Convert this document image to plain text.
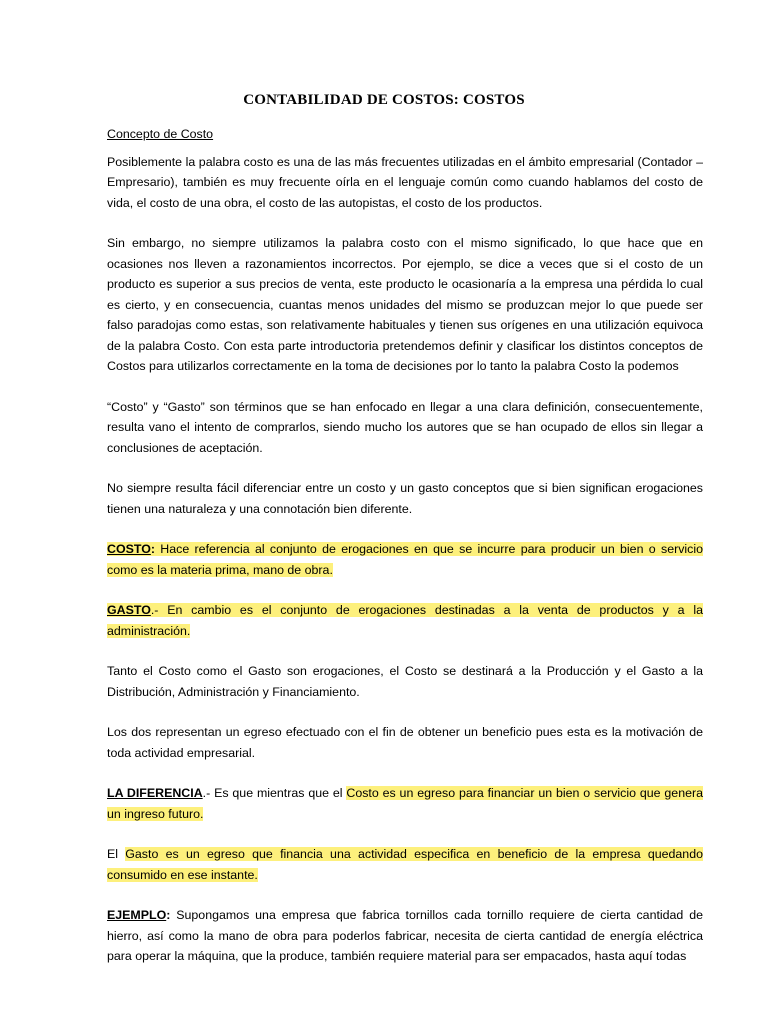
CONTABILIDAD DE COSTOS: COSTOS

Concepto de Costo

Posiblemente la palabra costo es una de las más frecuentes utilizadas en el ámbito empresarial (Contador – Empresario), también es muy frecuente oírla en el lenguaje común como cuando hablamos del costo de vida, el costo de una obra, el costo de las autopistas, el costo de los productos.

Sin embargo, no siempre utilizamos la palabra costo con el mismo significado, lo que hace que en ocasiones nos lleven a razonamientos incorrectos. Por ejemplo, se dice a veces que si el costo de un producto es superior a sus precios de venta, este producto le ocasionaría a la empresa una pérdida lo cual es cierto, y en consecuencia, cuantas menos unidades del mismo se produzcan mejor lo que puede ser falso paradojas como estas, son relativamente habituales y tienen sus orígenes en una utilización equivoca de la palabra Costo. Con esta parte introductoria pretendemos definir y clasificar los distintos conceptos de Costos para utilizarlos correctamente en la toma de decisiones por lo tanto la palabra Costo la podemos

“Costo” y “Gasto” son términos que se han enfocado en llegar a una clara definición, consecuentemente, resulta vano el intento de comprarlos, siendo mucho los autores que se han ocupado de ellos sin llegar a conclusiones de aceptación.

No siempre resulta fácil diferenciar entre un costo y un gasto conceptos que si bien significan erogaciones tienen una naturaleza y una connotación bien diferente.

COSTO: Hace referencia al conjunto de erogaciones en que se incurre para producir un bien o servicio como es la materia prima, mano de obra.

GASTO.- En cambio es el conjunto de erogaciones destinadas a la venta de productos y a la administración.

Tanto el Costo como el Gasto son erogaciones, el Costo se destinará a la Producción y el Gasto a la Distribución, Administración y Financiamiento.

Los dos representan un egreso efectuado con el fin de obtener un beneficio pues esta es la motivación de toda actividad empresarial.

LA DIFERENCIA.- Es que mientras que el Costo es un egreso para financiar un bien o servicio que genera un ingreso futuro.

El Gasto es un egreso que financia una actividad especifica en beneficio de la empresa quedando consumido en ese instante.

EJEMPLO: Supongamos una empresa que fabrica tornillos cada tornillo requiere de cierta cantidad de hierro, así como la mano de obra para poderlos fabricar, necesita de cierta cantidad de energía eléctrica para operar la máquina, que la produce, también requiere material para ser empacados, hasta aquí todas
